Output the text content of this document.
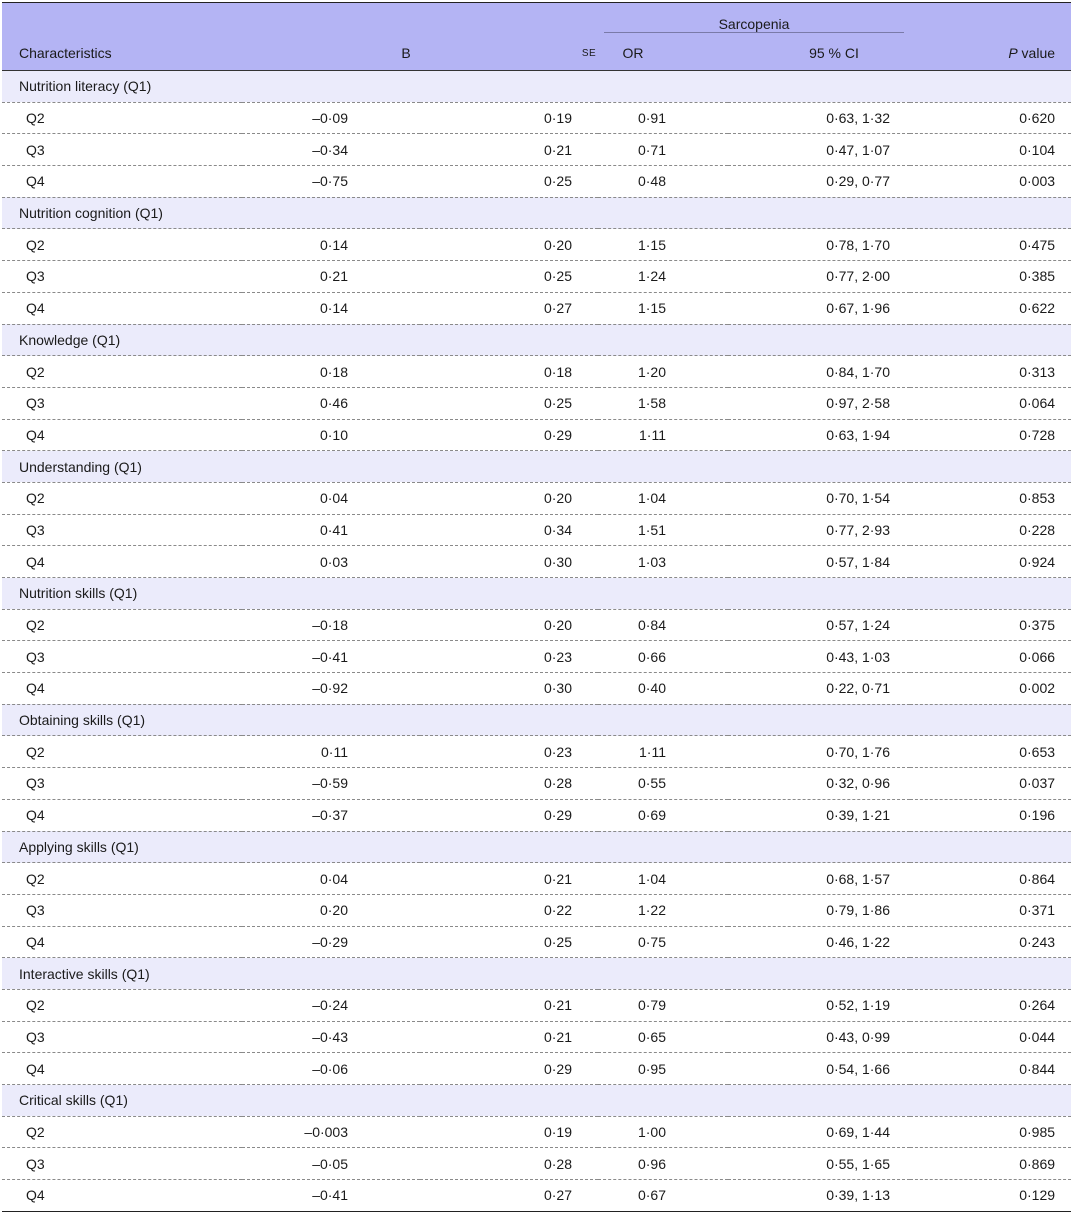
			Sarcopenia		

Characteristics	B	SE	OR	95 % CI	P value
Nutrition literacy (Q1)					
Q2	–0·09	0·19	0·91	0·63, 1·32	0·620
Q3	–0·34	0·21	0·71	0·47, 1·07	0·104
Q4	–0·75	0·25	0·48	0·29, 0·77	0·003
Nutrition cognition (Q1)					
Q2	0·14	0·20	1·15	0·78, 1·70	0·475
Q3	0·21	0·25	1·24	0·77, 2·00	0·385
Q4	0·14	0·27	1·15	0·67, 1·96	0·622
Knowledge (Q1)					
Q2	0·18	0·18	1·20	0·84, 1·70	0·313
Q3	0·46	0·25	1·58	0·97, 2·58	0·064
Q4	0·10	0·29	1·11	0·63, 1·94	0·728
Understanding (Q1)					
Q2	0·04	0·20	1·04	0·70, 1·54	0·853
Q3	0·41	0·34	1·51	0·77, 2·93	0·228
Q4	0·03	0·30	1·03	0·57, 1·84	0·924
Nutrition skills (Q1)					
Q2	–0·18	0·20	0·84	0·57, 1·24	0·375
Q3	–0·41	0·23	0·66	0·43, 1·03	0·066
Q4	–0·92	0·30	0·40	0·22, 0·71	0·002
Obtaining skills (Q1)					
Q2	0·11	0·23	1·11	0·70, 1·76	0·653
Q3	–0·59	0·28	0·55	0·32, 0·96	0·037
Q4	–0·37	0·29	0·69	0·39, 1·21	0·196
Applying skills (Q1)					
Q2	0·04	0·21	1·04	0·68, 1·57	0·864
Q3	0·20	0·22	1·22	0·79, 1·86	0·371
Q4	–0·29	0·25	0·75	0·46, 1·22	0·243
Interactive skills (Q1)					
Q2	–0·24	0·21	0·79	0·52, 1·19	0·264
Q3	–0·43	0·21	0·65	0·43, 0·99	0·044
Q4	–0·06	0·29	0·95	0·54, 1·66	0·844
Critical skills (Q1)					
Q2	–0·003	0·19	1·00	0·69, 1·44	0·985
Q3	–0·05	0·28	0·96	0·55, 1·65	0·869
Q4	–0·41	0·27	0·67	0·39, 1·13	0·129
